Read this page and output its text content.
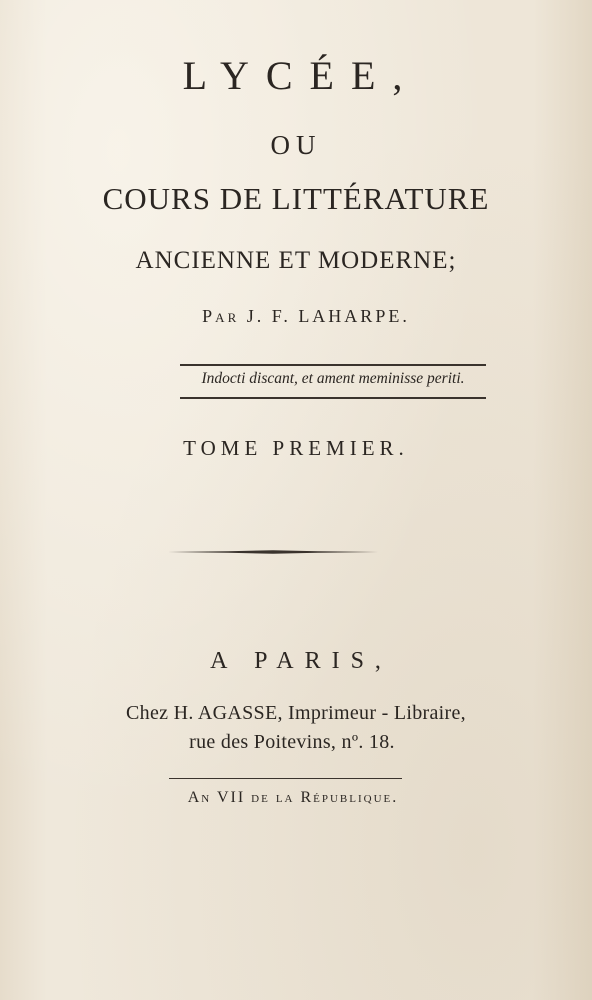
LYCÉE,
OU
COURS DE LITTÉRATURE
ANCIENNE ET MODERNE;
Par J. F. LAHARPE.
Indocti discant, et ament meminisse periti.
TOME PREMIER.
A PARIS,
Chez H. AGASSE, Imprimeur - Libraire,
rue des Poitevins, nº. 18.
An VII de la République.
